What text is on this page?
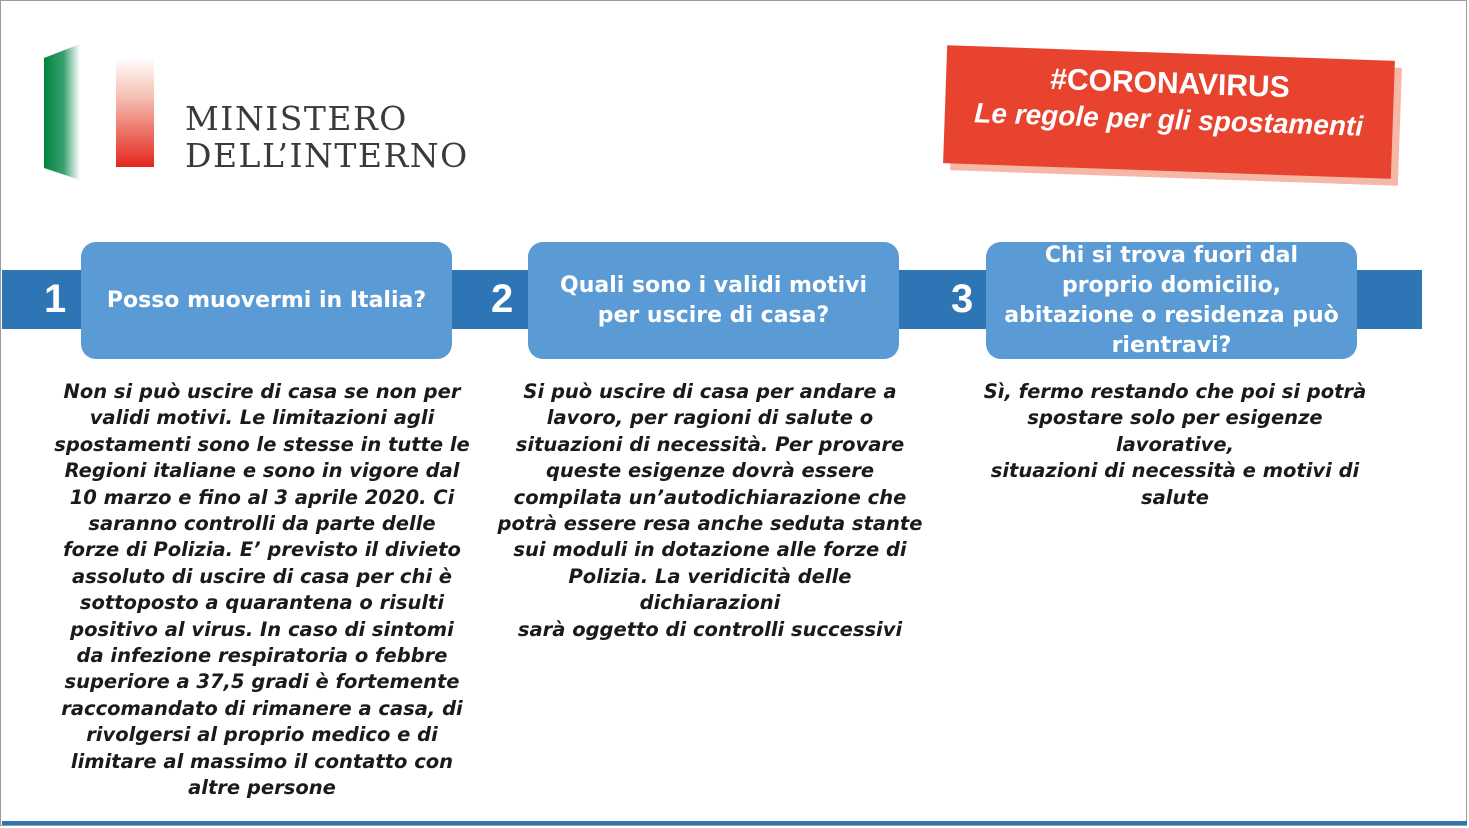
MINISTERO
DELL’INTERNO
#CORONAVIRUS
Le regole per gli spostamenti
1 Posso muovermi in Italia? 2	Quali sono i validi motivi per uscire di casa?	3
Chi si trova fuori dal proprio domicilio, abitazione o residenza può rientravi?
Non si può uscire di casa se non per
validi motivi. Le limitazioni agli
spostamenti sono le stesse in tutte le
Regioni italiane e sono in vigore dal
10 marzo e fino al 3 aprile 2020. Ci
saranno controlli da parte delle
forze di Polizia. E’ previsto il divieto
assoluto di uscire di casa per chi è
sottoposto a quarantena o risulti
positivo al virus. In caso di sintomi
da infezione respiratoria o febbre
superiore a 37,5 gradi è fortemente
raccomandato di rimanere a casa, di
rivolgersi al proprio medico e di
limitare al massimo il contatto con
altre persone
Si può uscire di casa per andare a
lavoro, per ragioni di salute o
situazioni di necessità. Per provare
queste esigenze dovrà essere
compilata un’autodichiarazione che
potrà essere resa anche seduta stante
sui moduli in dotazione alle forze di
Polizia. La veridicità delle dichiarazioni
sarà oggetto di controlli successivi
Sì, fermo restando che poi si potrà
spostare solo per esigenze lavorative,
situazioni di necessità e motivi di
salute
